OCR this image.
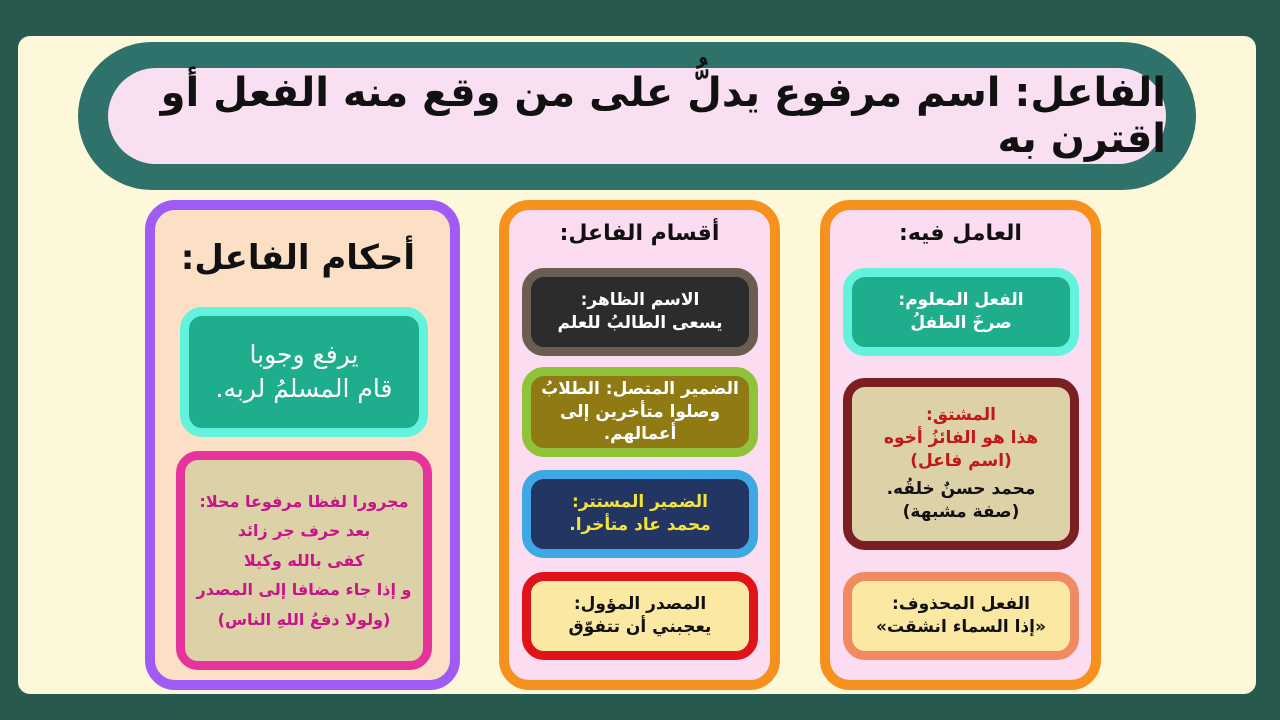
الفاعل: اسم مرفوع يدلُّ على من وقع منه الفعل أو اقترن به
العامل فيه:
الفعل المعلوم:
صرخَ الطفلُ
المشتق:
هذا هو الفائزُ أخوه
(اسم فاعل)
محمد حسنٌ خلقُه.
(صفة مشبهة)
الفعل المحذوف:
«إذا السماء انشقت»
أقسام الفاعل:
الاسم الظاهر:
يسعى الطالبُ للعلم
الضمير المتصل: الطلابُ
وصلوا متأخرين إلى أعمالهم.
الضمير المستتر:
محمد عاد متأخرا.
المصدر المؤول:
يعجبني أن تتفوّق
أحكام الفاعل:
يرفع وجوبا
قام المسلمُ لربه.
مجرورا لفظا مرفوعا محلا:
بعد حرف جر زائد
كفى بالله وكيلا
و إذا جاء مضافا إلى المصدر
(ولولا دفعُ اللهِ الناس)
